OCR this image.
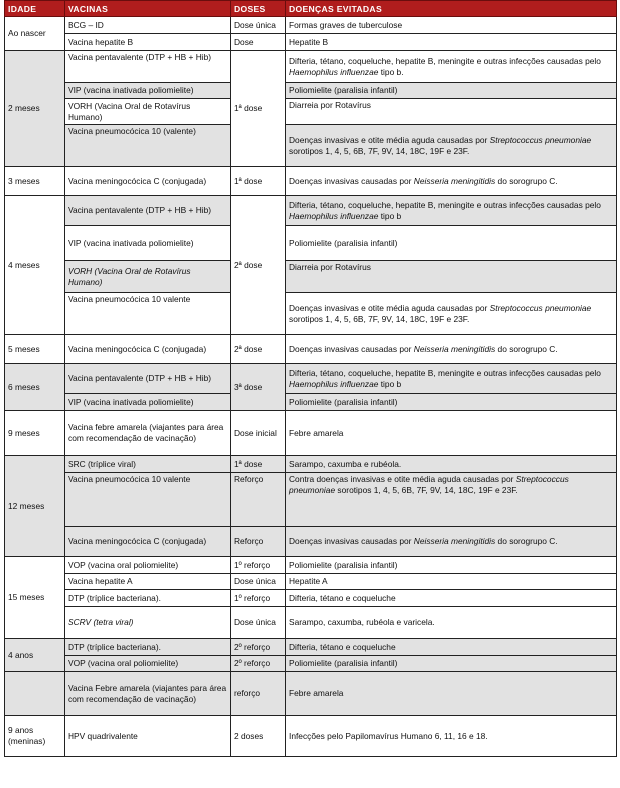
IDADE	VACINAS	DOSES	DOENÇAS EVITADAS
Ao nascer	BCG – ID	Dose única	Formas graves de tuberculose
	Vacina hepatite B	Dose	Hepatite B
2 meses	Vacina pentavalente (DTP + HB + Hib)	1ª dose	Difteria, tétano, coqueluche, hepatite B, meningite e outras infecções causadas pelo Haemophilus influenzae tipo b.
	VIP (vacina inativada poliomielite)		Poliomielite (paralisia infantil)
	VORH (Vacina Oral de Rotavírus Humano)		Diarreia por Rotavírus
	Vacina pneumocócica 10 (valente)		Doenças invasivas e otite média aguda causadas por Streptococcus pneumoniae sorotipos 1, 4, 5, 6B, 7F, 9V, 14, 18C, 19F e 23F.
3 meses	Vacina meningocócica C (conjugada)	1ª dose	Doenças invasivas causadas por Neisseria meningitidis do sorogrupo C.
4 meses	Vacina pentavalente (DTP + HB + Hib)	2ª dose	Difteria, tétano, coqueluche, hepatite B, meningite e outras infecções causadas pelo Haemophilus influenzae tipo b
	VIP (vacina inativada poliomielite)		Poliomielite (paralisia infantil)
	VORH (Vacina Oral de Rotavírus Humano)		Diarreia por Rotavírus
	Vacina pneumocócica 10 valente		Doenças invasivas e otite média aguda causadas por Streptococcus pneumoniae sorotipos 1, 4, 5, 6B, 7F, 9V, 14, 18C, 19F e 23F.
5 meses	Vacina meningocócica C (conjugada)	2ª dose	Doenças invasivas causadas por Neisseria meningitidis do sorogrupo C.
6 meses	Vacina pentavalente (DTP + HB + Hib)	3ª dose	Difteria, tétano, coqueluche, hepatite B, meningite e outras infecções causadas pelo Haemophilus influenzae tipo b
	VIP (vacina inativada poliomielite)		Poliomielite (paralisia infantil)
9 meses	Vacina febre amarela (viajantes para área com recomendação de vacinação)	Dose inicial	Febre amarela
12 meses	SRC (tríplice viral)	1ª dose	Sarampo, caxumba e rubéola.
	Vacina pneumocócica 10 valente	Reforço	Contra doenças invasivas e otite média aguda causadas por Streptococcus pneumoniae sorotipos 1, 4, 5, 6B, 7F, 9V, 14, 18C, 19F e 23F.
	Vacina meningocócica C (conjugada)	Reforço	Doenças invasivas causadas por Neisseria meningitidis do sorogrupo C.
15 meses	VOP (vacina oral poliomielite)	1º reforço	Poliomielite (paralisia infantil)
	Vacina hepatite A	Dose única	Hepatite A
	DTP (tríplice bacteriana).	1º reforço	Difteria, tétano e coqueluche
	SCRV (tetra viral)	Dose única	Sarampo, caxumba, rubéola e varicela.
4 anos	DTP (tríplice bacteriana).	2º reforço	Difteria, tétano e coqueluche
	VOP (vacina oral poliomielite)	2º reforço	Poliomielite (paralisia infantil)
	Vacina Febre amarela (viajantes para área com recomendação de vacinação)	reforço	Febre amarela
9 anos (meninas)	HPV quadrivalente	2 doses	Infecções pelo Papilomavírus Humano 6, 11, 16 e 18.
